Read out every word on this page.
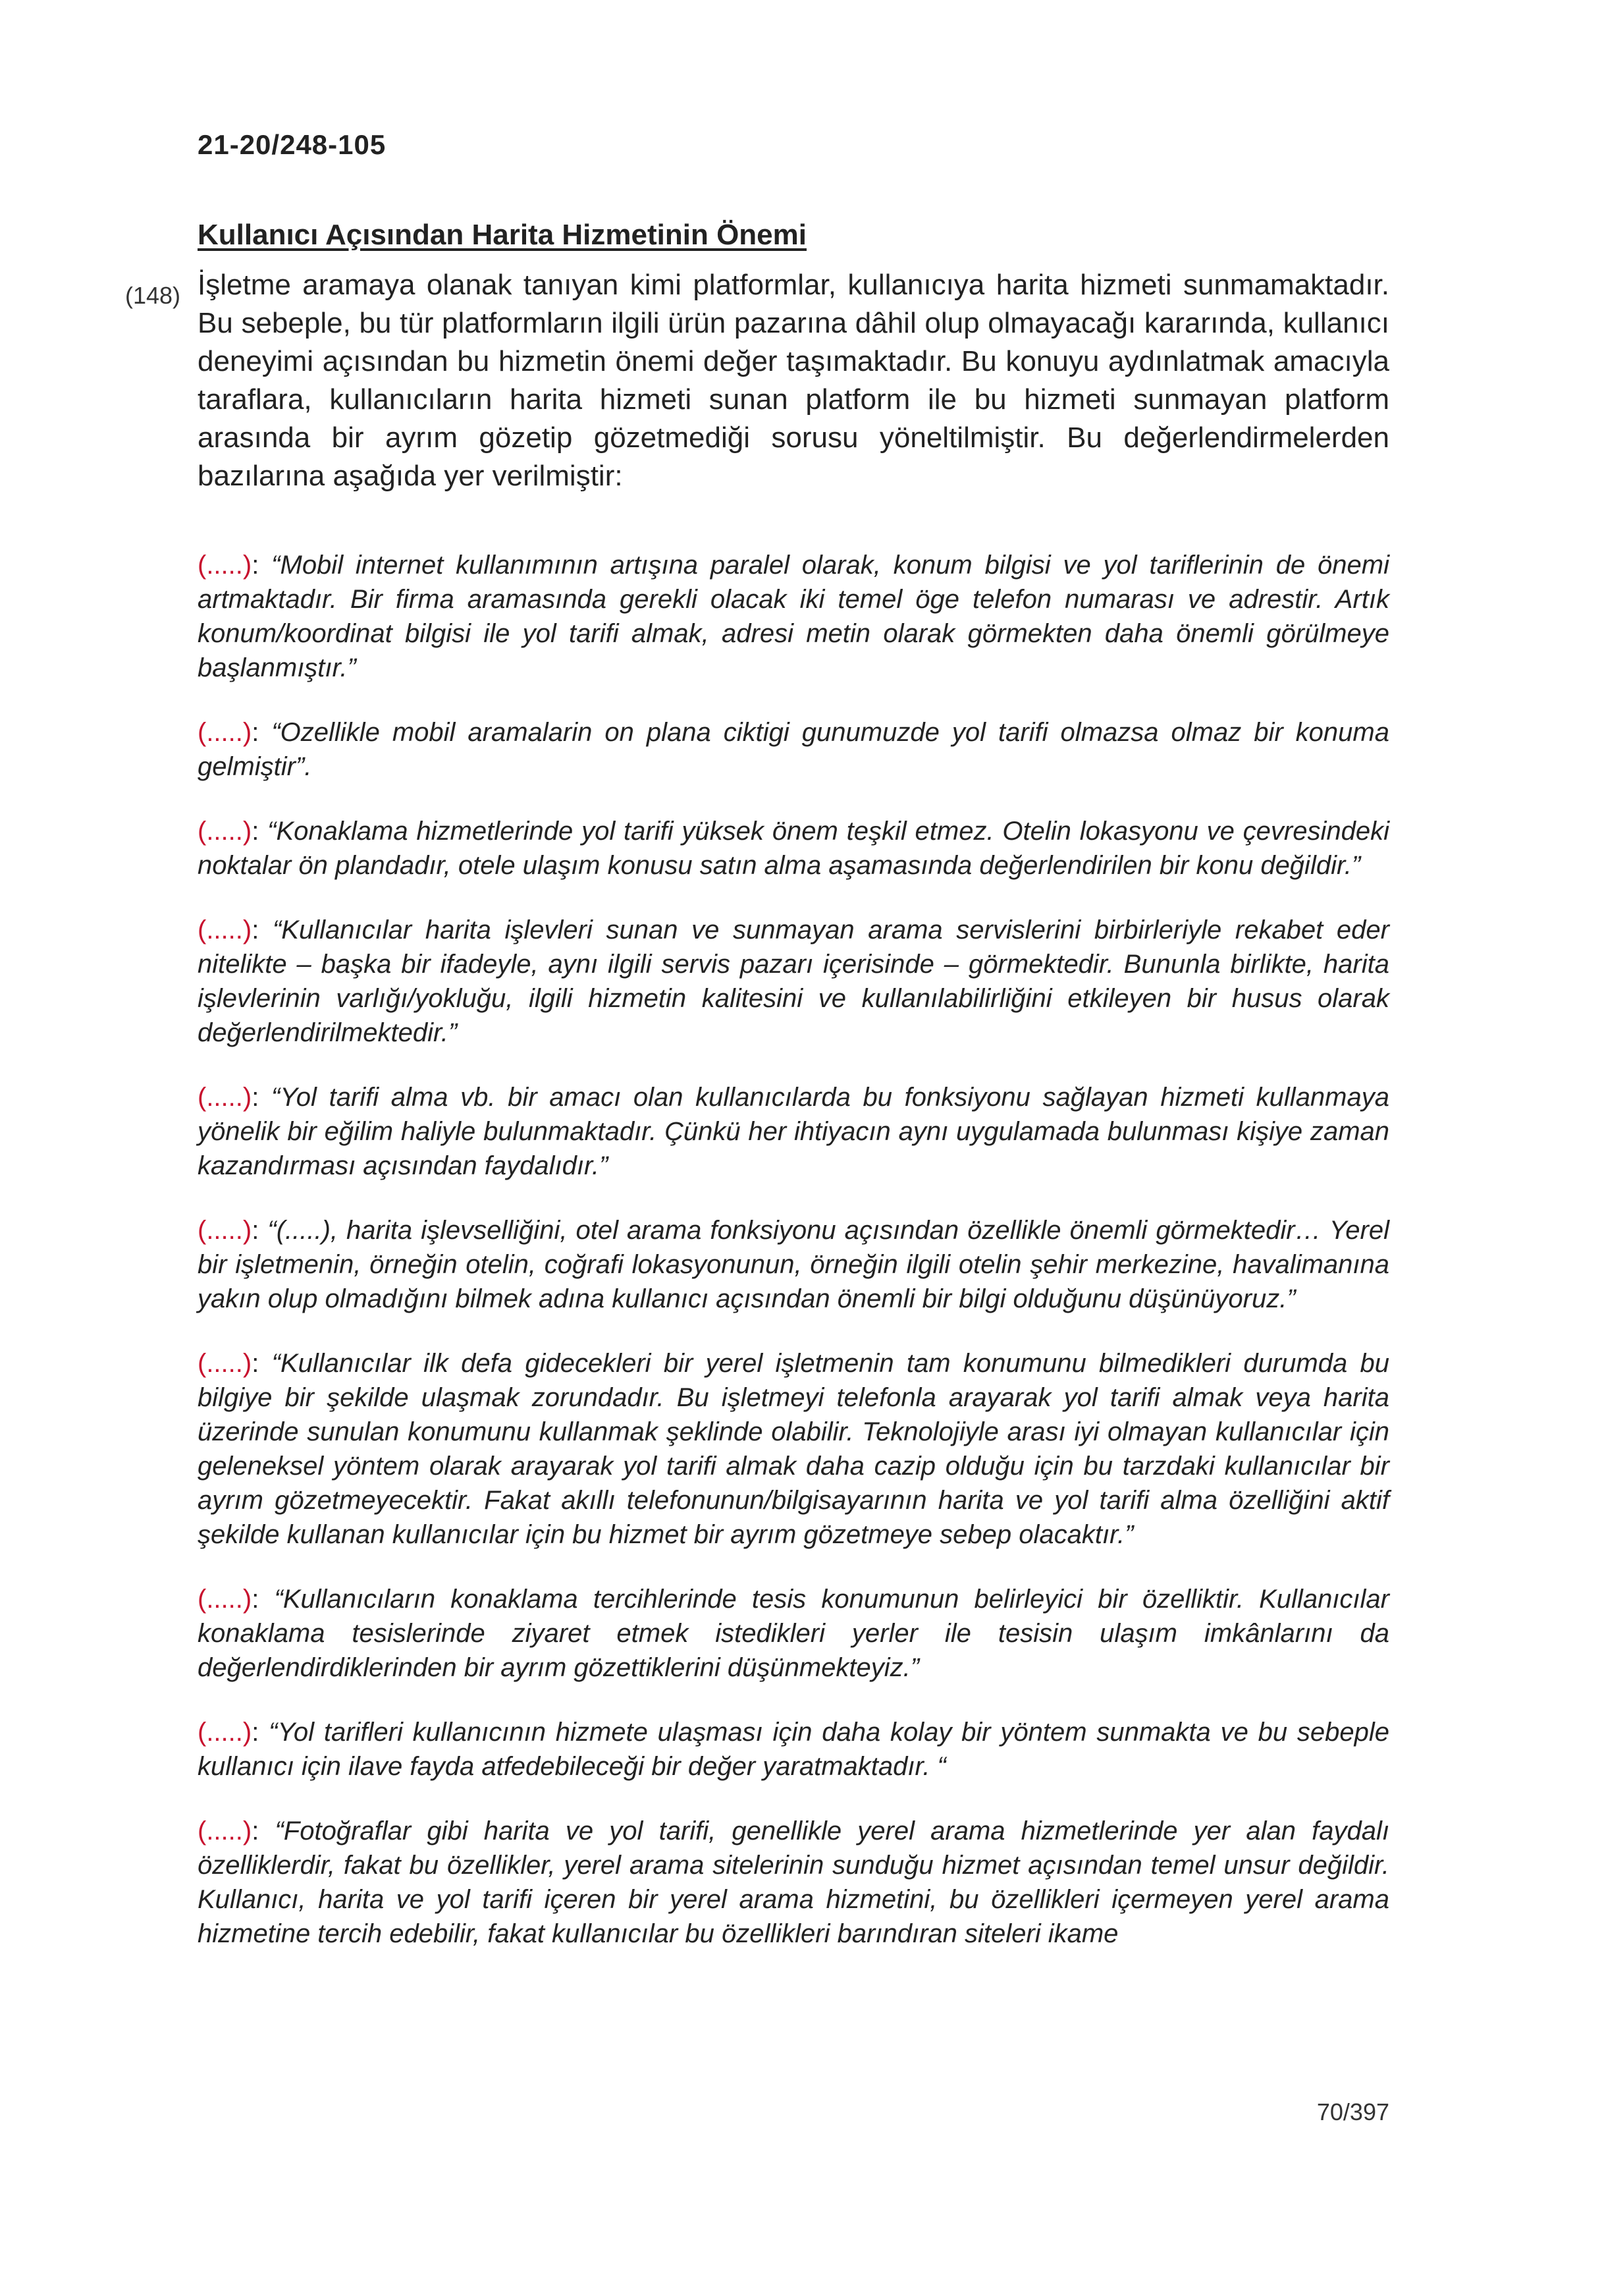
21-20/248-105
Kullanıcı Açısından Harita Hizmetinin Önemi
(148) İşletme aramaya olanak tanıyan kimi platformlar, kullanıcıya harita hizmeti sunmamaktadır. Bu sebeple, bu tür platformların ilgili ürün pazarına dâhil olup olmayacağı kararında, kullanıcı deneyimi açısından bu hizmetin önemi değer taşımaktadır. Bu konuyu aydınlatmak amacıyla taraflara, kullanıcıların harita hizmeti sunan platform ile bu hizmeti sunmayan platform arasında bir ayrım gözetip gözetmediği sorusu yöneltilmiştir. Bu değerlendirmelerden bazılarına aşağıda yer verilmiştir:

(.....): “Mobil internet kullanımının artışına paralel olarak, konum bilgisi ve yol tariflerinin de önemi artmaktadır. Bir firma aramasında gerekli olacak iki temel öge telefon numarası ve adrestir. Artık konum/koordinat bilgisi ile yol tarifi almak, adresi metin olarak görmekten daha önemli görülmeye başlanmıştır.”

(.....): “Ozellikle mobil aramalarin on plana ciktigi gunumuzde yol tarifi olmazsa olmaz bir konuma gelmiştir”.

(.....): “Konaklama hizmetlerinde yol tarifi yüksek önem teşkil etmez. Otelin lokasyonu ve çevresindeki noktalar ön plandadır, otele ulaşım konusu satın alma aşamasında değerlendirilen bir konu değildir.”

(.....): “Kullanıcılar harita işlevleri sunan ve sunmayan arama servislerini birbirleriyle rekabet eder nitelikte – başka bir ifadeyle, aynı ilgili servis pazarı içerisinde – görmektedir. Bununla birlikte, harita işlevlerinin varlığı/yokluğu, ilgili hizmetin kalitesini ve kullanılabilirliğini etkileyen bir husus olarak değerlendirilmektedir.”

(.....): “Yol tarifi alma vb. bir amacı olan kullanıcılarda bu fonksiyonu sağlayan hizmeti kullanmaya yönelik bir eğilim haliyle bulunmaktadır. Çünkü her ihtiyacın aynı uygulamada bulunması kişiye zaman kazandırması açısından faydalıdır.”

(.....): “(.....), harita işlevselliğini, otel arama fonksiyonu açısından özellikle önemli görmektedir… Yerel bir işletmenin, örneğin otelin, coğrafi lokasyonunun, örneğin ilgili otelin şehir merkezine, havalimanına yakın olup olmadığını bilmek adına kullanıcı açısından önemli bir bilgi olduğunu düşünüyoruz.”

(.....): “Kullanıcılar ilk defa gidecekleri bir yerel işletmenin tam konumunu bilmedikleri durumda bu bilgiye bir şekilde ulaşmak zorundadır. Bu işletmeyi telefonla arayarak yol tarifi almak veya harita üzerinde sunulan konumunu kullanmak şeklinde olabilir. Teknolojiyle arası iyi olmayan kullanıcılar için geleneksel yöntem olarak arayarak yol tarifi almak daha cazip olduğu için bu tarzdaki kullanıcılar bir ayrım gözetmeyecektir. Fakat akıllı telefonunun/bilgisayarının harita ve yol tarifi alma özelliğini aktif şekilde kullanan kullanıcılar için bu hizmet bir ayrım gözetmeye sebep olacaktır.”

(.....): “Kullanıcıların konaklama tercihlerinde tesis konumunun belirleyici bir özelliktir. Kullanıcılar konaklama tesislerinde ziyaret etmek istedikleri yerler ile tesisin ulaşım imkânlarını da değerlendirdiklerinden bir ayrım gözettiklerini düşünmekteyiz.”

(.....): “Yol tarifleri kullanıcının hizmete ulaşması için daha kolay bir yöntem sunmakta ve bu sebeple kullanıcı için ilave fayda atfedebileceği bir değer yaratmaktadır. “

(.....): “Fotoğraflar gibi harita ve yol tarifi, genellikle yerel arama hizmetlerinde yer alan faydalı özelliklerdir, fakat bu özellikler, yerel arama sitelerinin sunduğu hizmet açısından temel unsur değildir. Kullanıcı, harita ve yol tarifi içeren bir yerel arama hizmetini, bu özellikleri içermeyen yerel arama hizmetine tercih edebilir, fakat kullanıcılar bu özellikleri barındıran siteleri ikame

70/397
